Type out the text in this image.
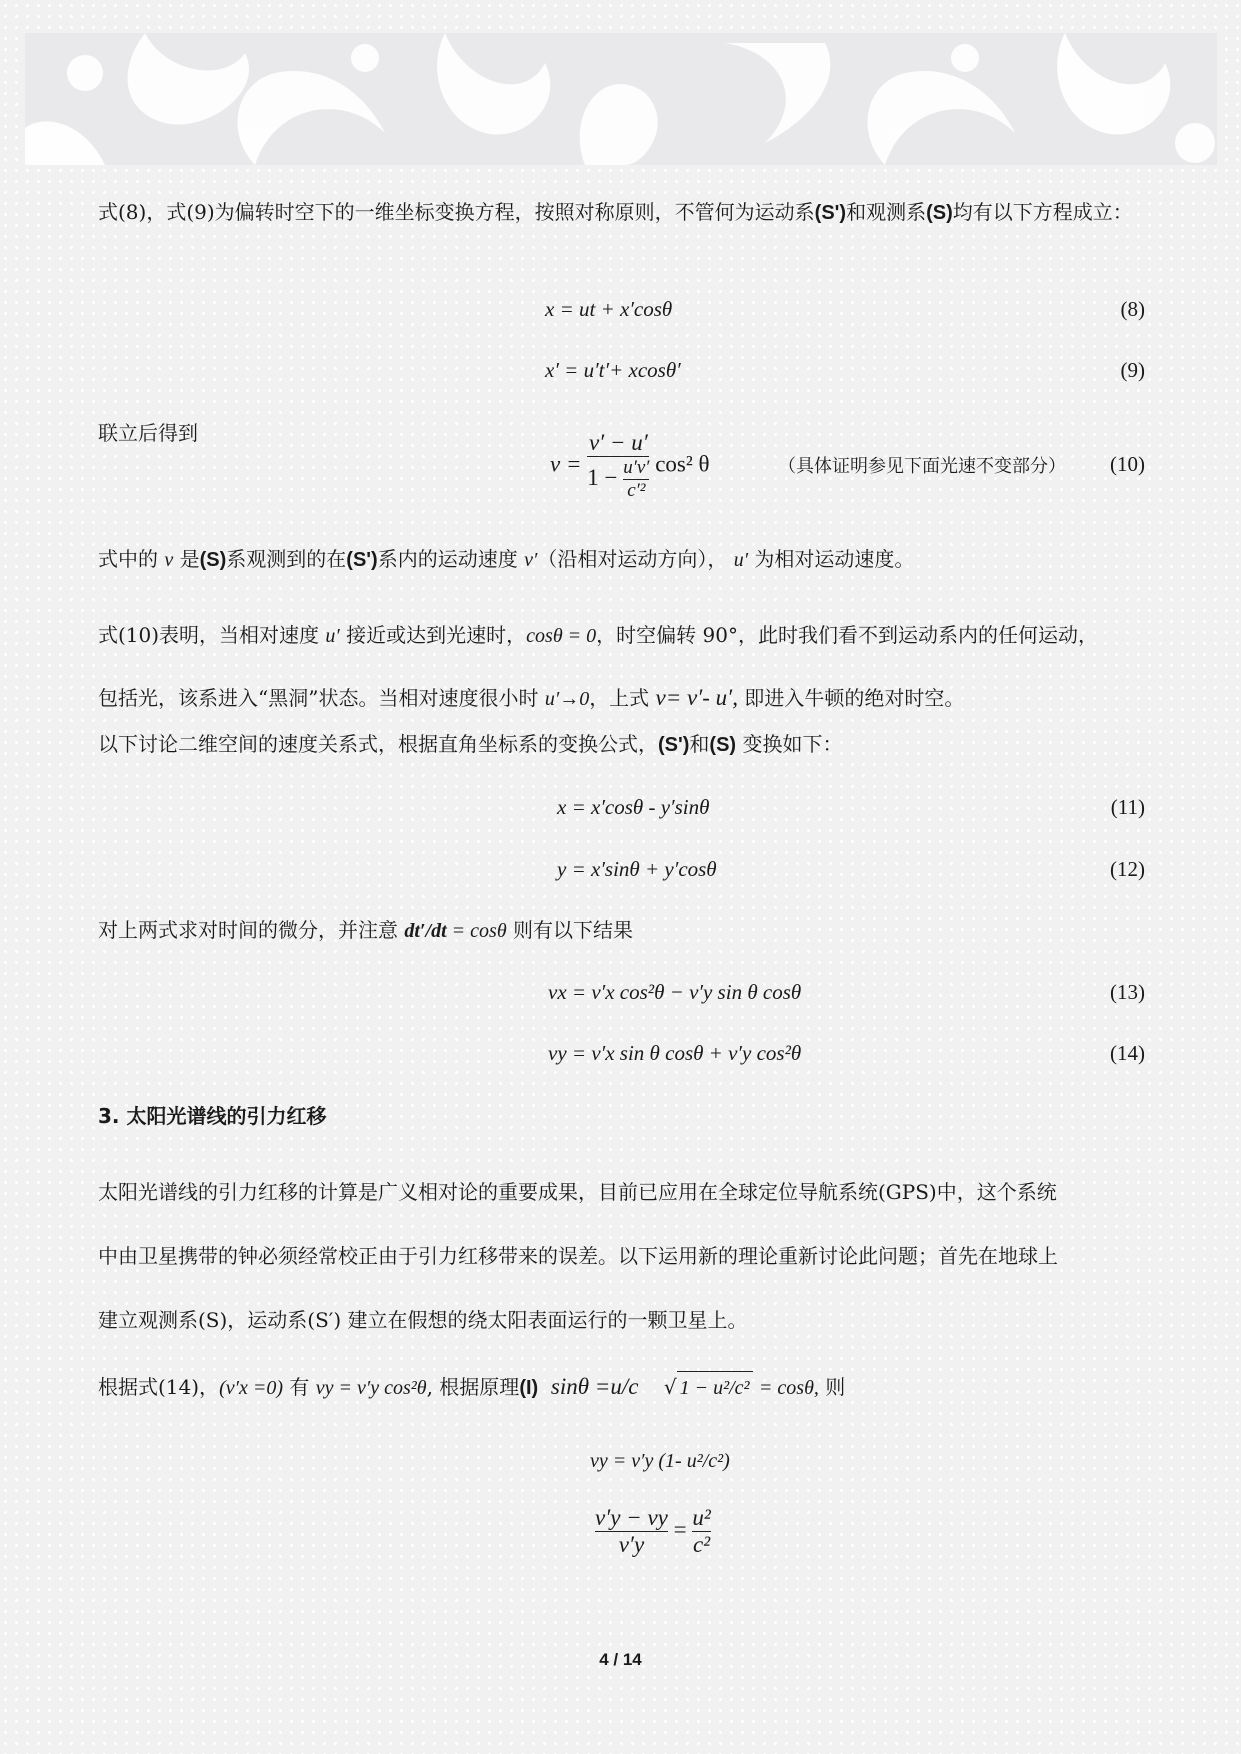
式(8)，式(9)为偏转时空下的一维坐标变换方程，按照对称原则，不管何为运动系(S')和观测系(S)均有以下方程成立：

x = ut + x′cosθ	(8)
x′ = u′t′+ xcosθ′	(9)
联立后得到
$v = \frac{v' - u'}{1 - \frac{u'v'}{\text{c′²}}} \cos^2$ θ	（具体证明参见下面光速不变部分） (10)

式中的 v 是(S)系观测到的在(S')系内的运动速度 v′（沿相对运动方向）， u′ 为相对运动速度。

式(10)表明，当相对速度 u′ 接近或达到光速时，cosθ = 0，时空偏转 90°，此时我们看不到运动系内的任何运动，
包括光，该系进入“黑洞”状态。当相对速度很小时 u′→0，上式 v= v′- u′, 即进入牛顿的绝对时空。

以下讨论二维空间的速度关系式，根据直角坐标系的变换公式，(S')和(S) 变换如下：

x = x′cosθ - y′sinθ	(11)
y = x′sinθ + y′cosθ	(12)

对上两式求对时间的微分，并注意 dt′/dt = cosθ 则有以下结果

vx = v′x cos²θ − v′y sin θ cosθ	(13)
vy = v′x sin θ cosθ + v′y cos²θ	(14)
3. 太阳光谱线的引力红移

太阳光谱线的引力红移的计算是广义相对论的重要成果，目前已应用在全球定位导航系统(GPS)中，这个系统
中由卫星携带的钟必须经常校正由于引力红移带来的误差。以下运用新的理论重新讨论此问题；首先在地球上
建立观测系(S)，运动系(S′) 建立在假想的绕太阳表面运行的一颗卫星上。

根据式(14)，(v′x =0) 有 vy = v′y cos²θ, 根据原理(I) sinθ =u/c    √ 1 − u²/c² = cosθ, 则

vy = v′y (1- u²/c²)
$\frac{v'y - vy}{v'y} = \frac{\text{u²}}{\text{c²}}$
4 / 14
